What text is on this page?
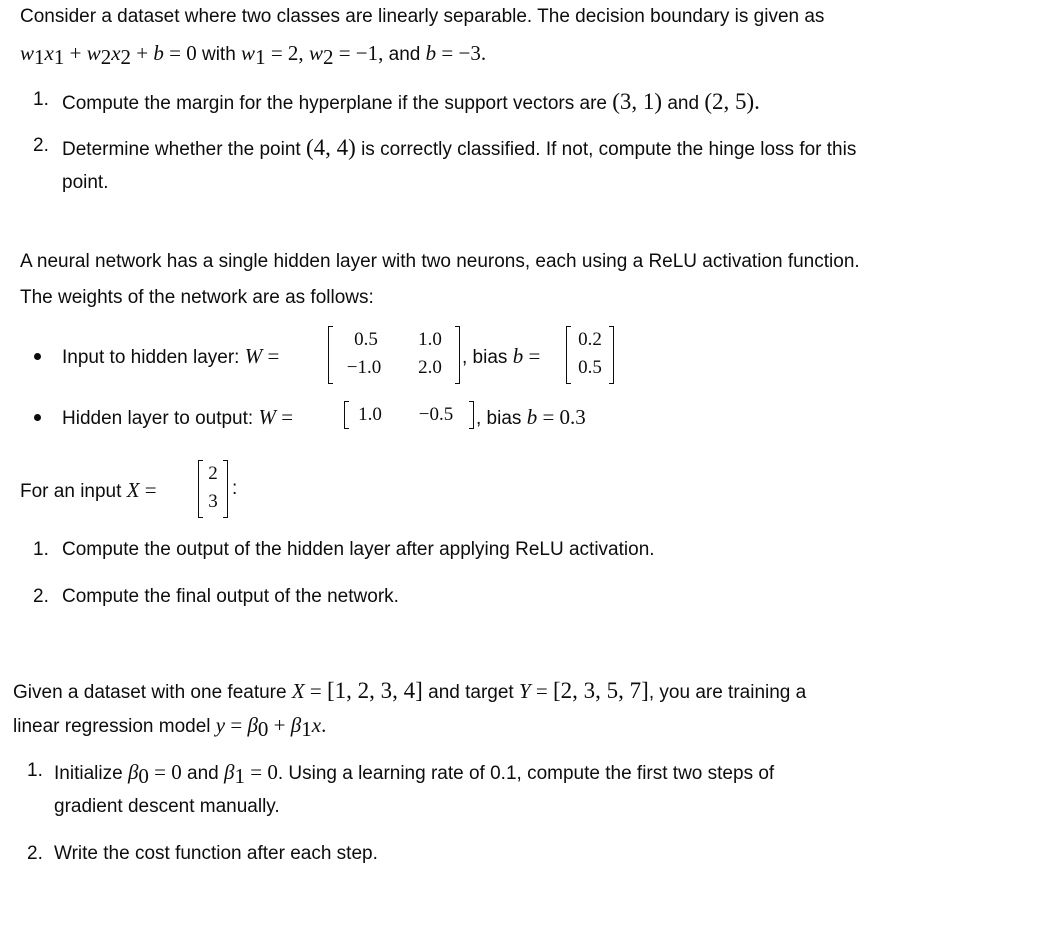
Consider a dataset where two classes are linearly separable. The decision boundary is given as
$w_1x_1 + w_2x_2 + b = 0$ with $w_1 = 2$, $w_2 = -1$, and b = −3.
1. Compute the margin for the hyperplane if the support vectors are (3, 1) and (2, 5).
2. Determine whether the point (4, 4) is correctly classified. If not, compute the hinge loss for this
point.
A neural network has a single hidden layer with two neurons, each using a ReLU activation function.
The weights of the network are as follows:
Input to hidden layer: W =
0.5	1.0
−1.0	2.0	, bias b =
0.2
0.5
Hidden layer to output: W =	1.0	−0.5	, bias b = 0.3
For an input X =
2
3
:
1. Compute the output of the hidden layer after applying ReLU activation.
2. Compute the final output of the network.
Given a dataset with one feature X = [1, 2, 3, 4] and target Y = [2, 3, 5, 7], you are training a
linear regression model $y = \beta_0 + \beta_1x$.
1. Initialize $\beta_0 = 0$ and $\beta_1 = 0$. Using a learning rate of 0.1, compute the first two steps of
gradient descent manually.
2. Write the cost function after each step.
